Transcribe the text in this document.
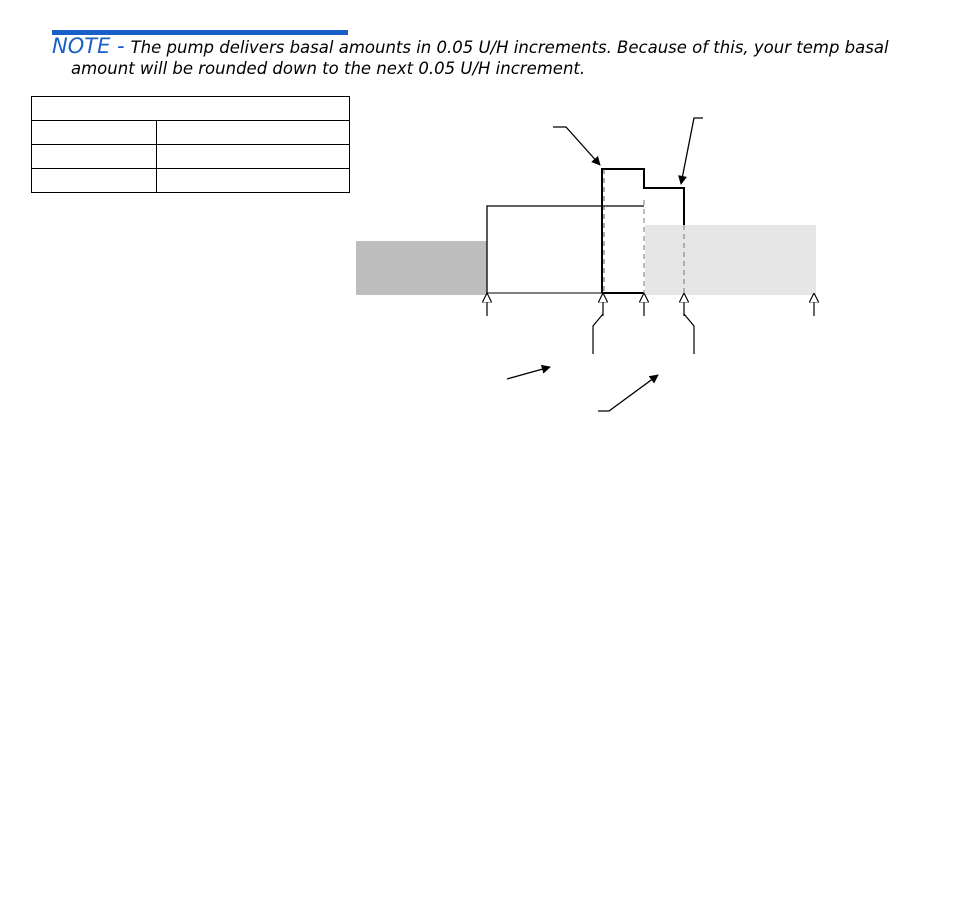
NOTE - The pump delivers basal amounts in 0.05 U/H increments. Because of this, your temp basal
amount will be rounded down to the next 0.05 U/H increment.
